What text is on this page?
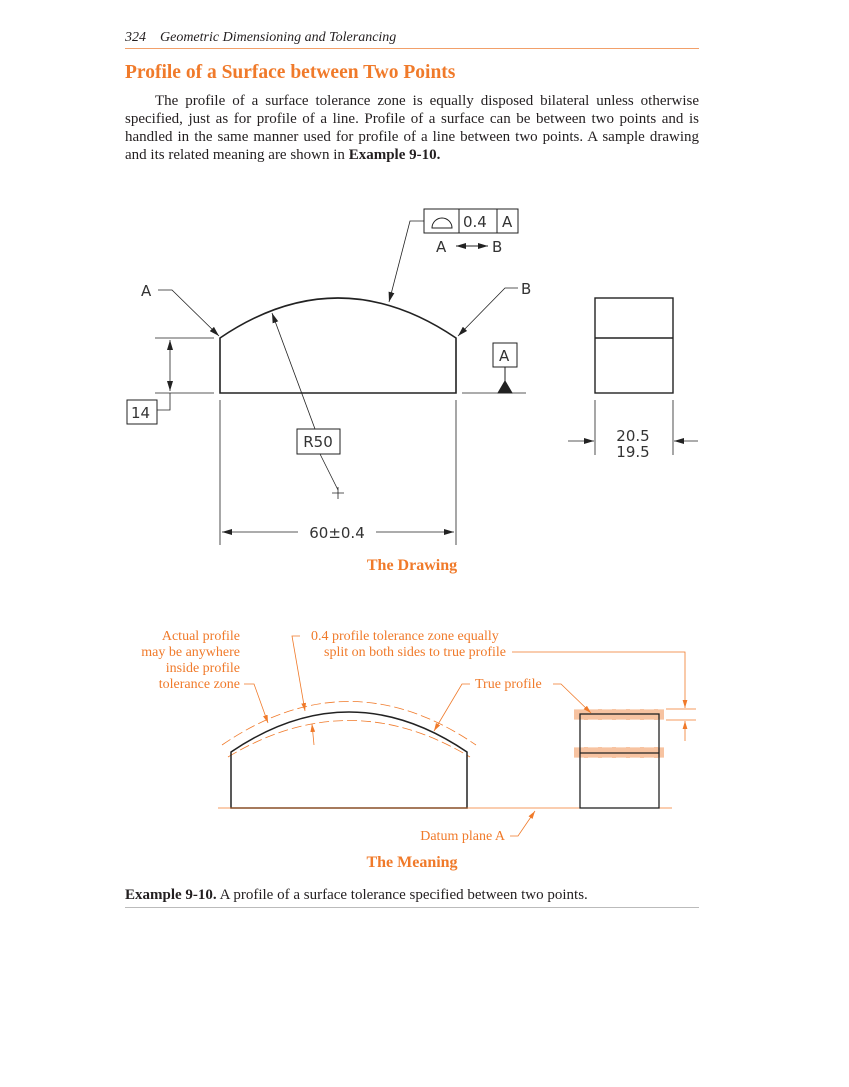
324 Geometric Dimensioning and Tolerancing
Profile of a Surface between Two Points
The profile of a surface tolerance zone is equally disposed bilateral unless otherwise specified, just as for profile of a line. Profile of a surface can be between two points and is handled in the same manner used for profile of a line between two points. A sample drawing and its related meaning are shown in Example 9-10.
0.4 A
A	B
A	B
14
A
60±0.4
R50	20.5
19.5
The Drawing
Actual profile
may be anywhere
inside profile
tolerance zone
0.4 profile tolerance zone equally
split on both sides to true profile
True profile
Datum plane A
The Meaning
Example 9-10. A profile of a surface tolerance specified between two points.
